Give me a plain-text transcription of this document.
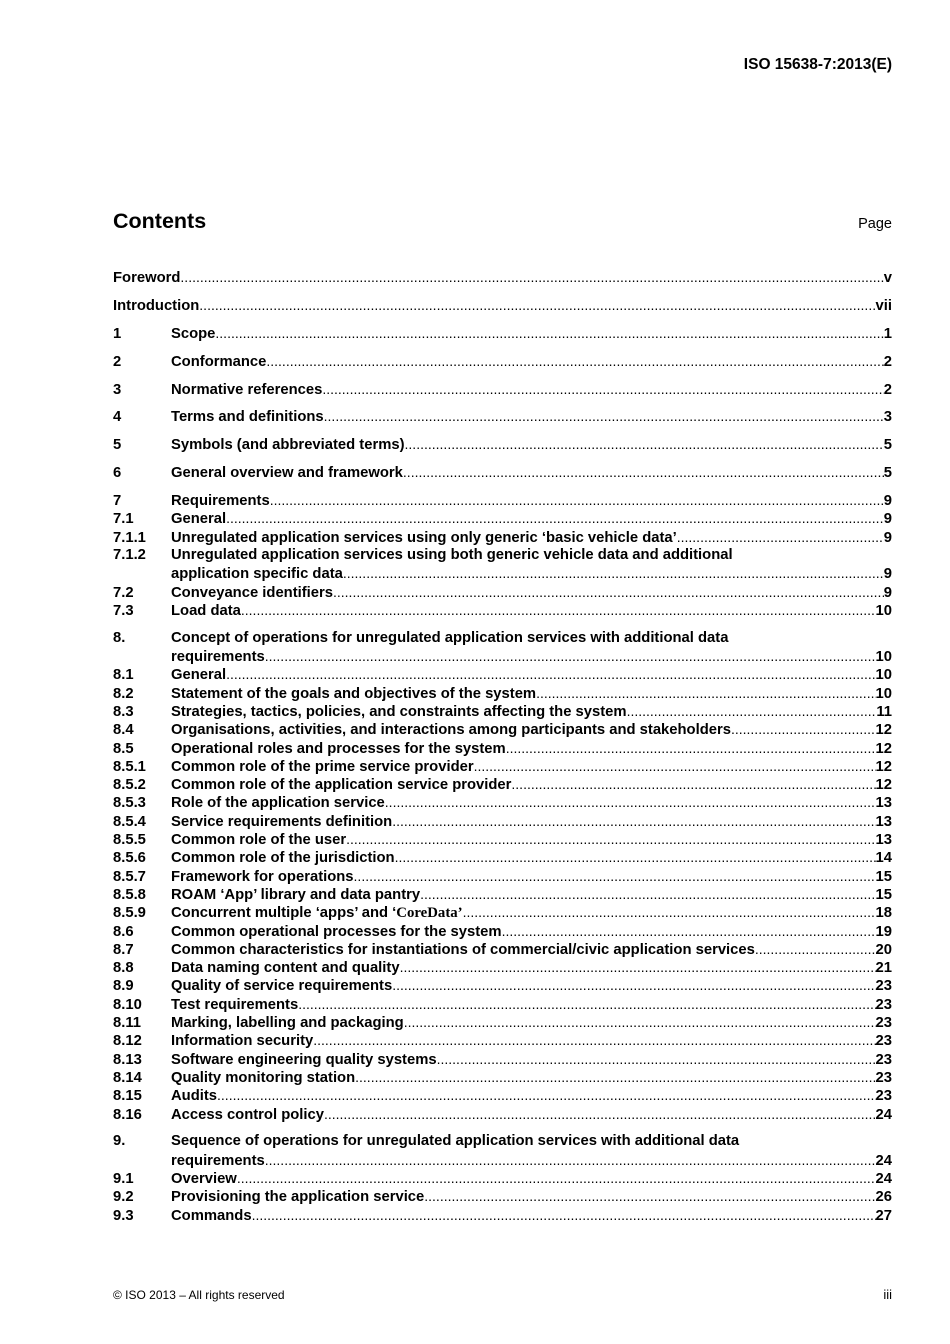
ISO 15638-7:2013(E)
Contents	Page
Foreword .....	v
Introduction .....	vii
1	Scope .....	1
2	Conformance .....	2
3	Normative references .....	2
4	Terms and definitions .....	3
5	Symbols (and abbreviated terms) .....	5
6	General overview and framework .....	5
7	Requirements .....	9
7.1	General .....	9
7.1.1	Unregulated application services using only generic ‘basic vehicle data’ .....	9
7.1.2	Unregulated application services using both generic vehicle data and additional
application specific data .....	9
7.2	Conveyance identifiers .....	9
7.3	Load data .....	10
8.	Concept of operations for unregulated application services with additional data
requirements .....	10
8.1	General .....	10
8.2	Statement of the goals and objectives of the system .....	10
8.3	Strategies, tactics, policies, and constraints affecting the system .....	11
8.4	Organisations, activities, and interactions among participants and stakeholders .....	12
8.5	Operational roles and processes for the system .....	12
8.5.1	Common role of the prime service provider .....	12
8.5.2	Common role of the application service provider .....	12
8.5.3	Role of the application service .....	13
8.5.4	Service requirements definition .....	13
8.5.5	Common role of the user .....	13
8.5.6	Common role of the jurisdiction .....	14
8.5.7	Framework for operations .....	15
8.5.8	ROAM ‘App’ library and data pantry .....	15
8.5.9	Concurrent multiple ‘apps’ and ‘CoreData’ .....	18
8.6	Common operational processes for the system .....	19
8.7	Common characteristics for instantiations of commercial/civic application services .....	20
8.8	Data naming content and quality .....	21
8.9	Quality of service requirements .....	23
8.10	Test requirements .....	23
8.11	Marking, labelling and packaging .....	23
8.12	Information security .....	23
8.13	Software engineering quality systems .....	23
8.14	Quality monitoring station .....	23
8.15	Audits .....	23
8.16	Access control policy .....	24
9.	Sequence of operations for unregulated application services with additional data
requirements .....	24
9.1	Overview .....	24
9.2	Provisioning the application service .....	26
9.3	Commands .....	27
© ISO 2013 – All rights reserved	iii
